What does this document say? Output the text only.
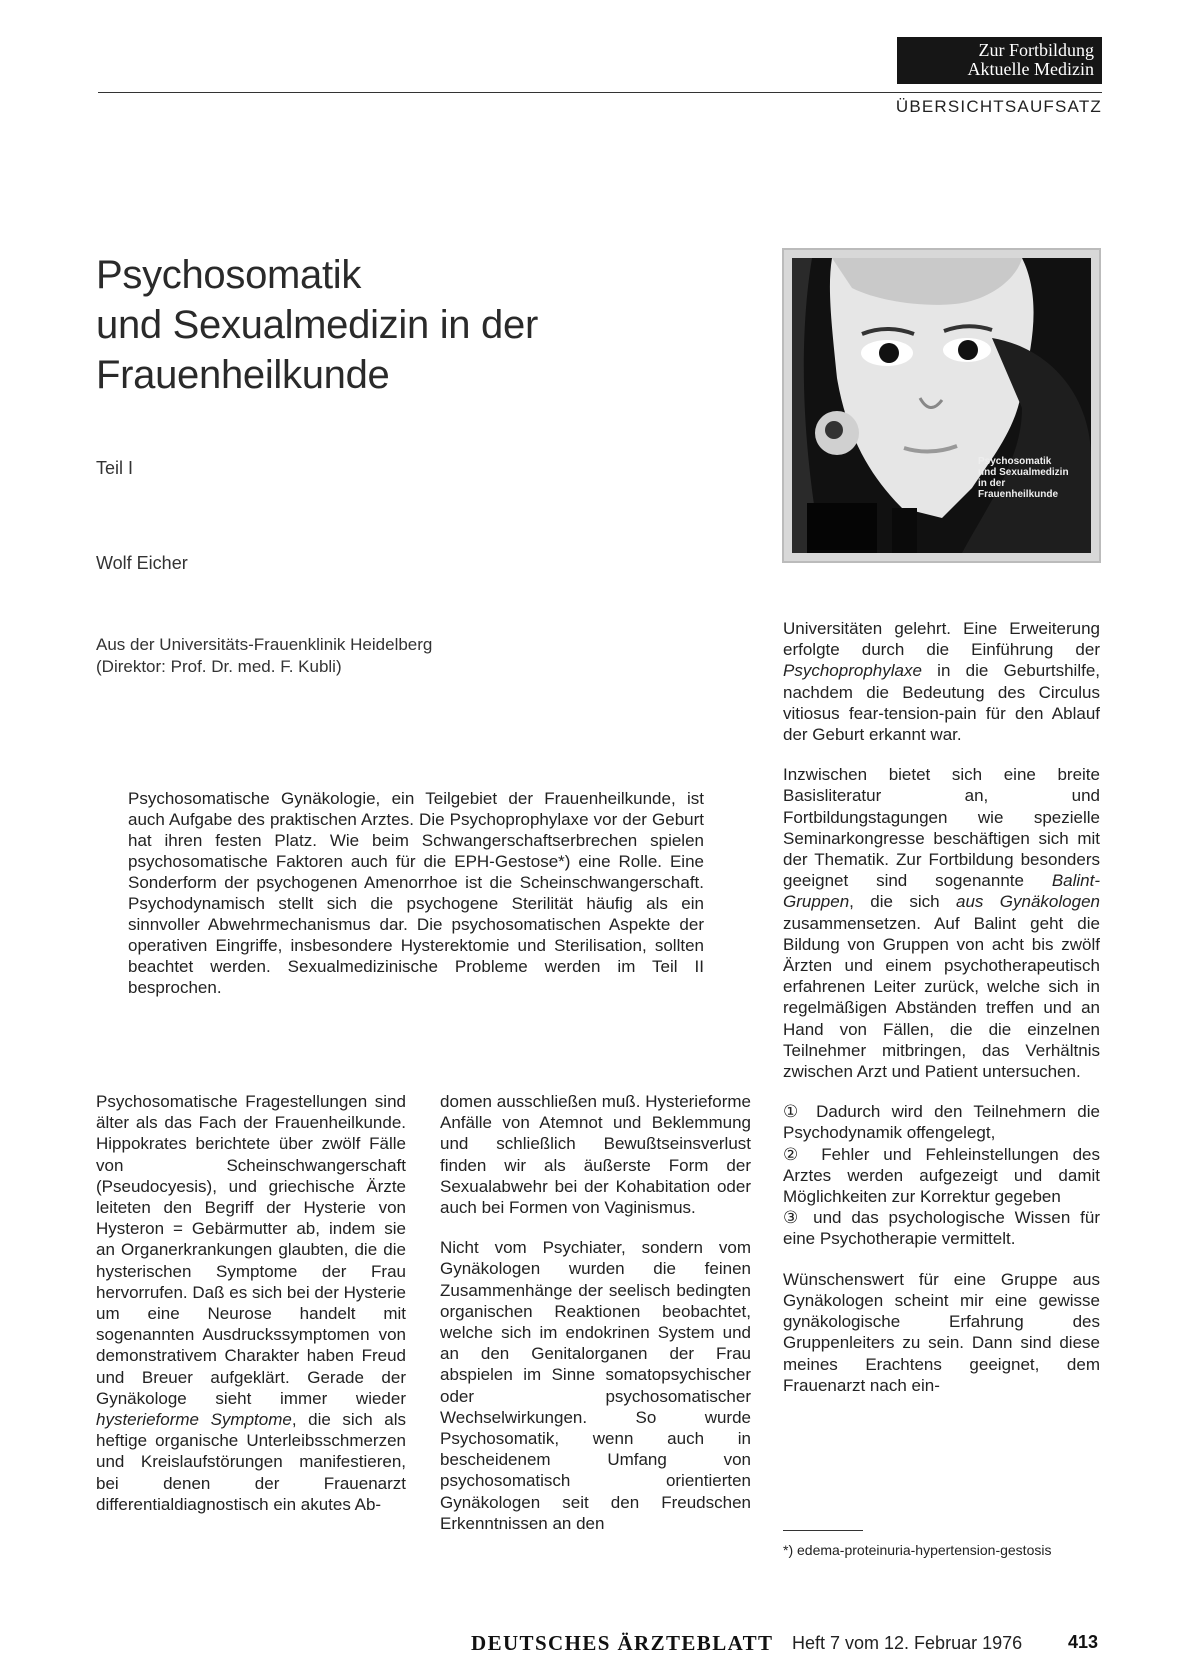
Zur Fortbildung
Aktuelle Medizin
ÜBERSICHTSAUFSATZ
Psychosomatik
und Sexualmedizin in der
Frauenheilkunde
Teil I
Wolf Eicher
Aus der Universitäts-Frauenklinik Heidelberg
(Direktor: Prof. Dr. med. F. Kubli)
Psychosomatik
und Sexualmedizin
in der
Frauenheilkunde
Psychosomatische Gynäkologie, ein Teilgebiet der Frauenheilkunde, ist auch Aufgabe des praktischen Arztes. Die Psychoprophylaxe vor der Geburt hat ihren festen Platz. Wie beim Schwangerschaftserbrechen spielen psychosomatische Faktoren auch für die EPH-Gestose*) eine Rolle. Eine Sonderform der psychogenen Amenorrhoe ist die Scheinschwangerschaft. Psychodynamisch stellt sich die psychogene Sterilität häufig als ein sinnvoller Abwehrmechanismus dar. Die psychosomatischen Aspekte der operativen Eingriffe, insbesondere Hysterektomie und Sterilisation, sollten beachtet werden. Sexualmedizinische Probleme werden im Teil II besprochen.

Psychosomatische Fragestellungen sind älter als das Fach der Frauenheilkunde. Hippokrates berichtete über zwölf Fälle von Scheinschwangerschaft (Pseudocyesis), und griechische Ärzte leiteten den Begriff der Hysterie von Hysteron = Gebärmutter ab, indem sie an Organerkrankungen glaubten, die die hysterischen Symptome der Frau hervorrufen. Daß es sich bei der Hysterie um eine Neurose handelt mit sogenannten Ausdruckssymptomen von demonstrativem Charakter haben Freud und Breuer aufgeklärt. Gerade der Gynäkologe sieht immer wieder hysterieforme Symptome, die sich als heftige organische Unterleibsschmerzen und Kreislaufstörungen manifestieren, bei denen der Frauenarzt differentialdiagnostisch ein akutes Ab-

domen ausschließen muß. Hysterieforme Anfälle von Atemnot und Beklemmung und schließlich Bewußtseinsverlust finden wir als äußerste Form der Sexualabwehr bei der Kohabitation oder auch bei Formen von Vaginismus.

Nicht vom Psychiater, sondern vom Gynäkologen wurden die feinen Zusammenhänge der seelisch bedingten organischen Reaktionen beobachtet, welche sich im endokrinen System und an den Genitalorganen der Frau abspielen im Sinne somatopsychischer oder psychosomatischer Wechselwirkungen. So wurde Psychosomatik, wenn auch in bescheidenem Umfang von psychosomatisch orientierten Gynäkologen seit den Freudschen Erkenntnissen an den

Universitäten gelehrt. Eine Erweiterung erfolgte durch die Einführung der Psychoprophylaxe in die Geburtshilfe, nachdem die Bedeutung des Circulus vitiosus fear-tension-pain für den Ablauf der Geburt erkannt war.

Inzwischen bietet sich eine breite Basisliteratur an, und Fortbildungstagungen wie spezielle Seminarkongresse beschäftigen sich mit der Thematik. Zur Fortbildung besonders geeignet sind sogenannte Balint-Gruppen, die sich aus Gynäkologen zusammensetzen. Auf Balint geht die Bildung von Gruppen von acht bis zwölf Ärzten und einem psychotherapeutisch erfahrenen Leiter zurück, welche sich in regelmäßigen Abständen treffen und an Hand von Fällen, die die einzelnen Teilnehmer mitbringen, das Verhältnis zwischen Arzt und Patient untersuchen.

① Dadurch wird den Teilnehmern die Psychodynamik offengelegt,

② Fehler und Fehleinstellungen des Arztes werden aufgezeigt und damit Möglichkeiten zur Korrektur gegeben

③ und das psychologische Wissen für eine Psychotherapie vermittelt.

Wünschenswert für eine Gruppe aus Gynäkologen scheint mir eine gewisse gynäkologische Erfahrung des Gruppenleiters zu sein. Dann sind diese meines Erachtens geeignet, dem Frauenarzt nach ein-

*) edema-proteinuria-hypertension-gestosis
DEUTSCHES ÄRZTEBLATT Heft 7 vom 12. Februar 1976	413
